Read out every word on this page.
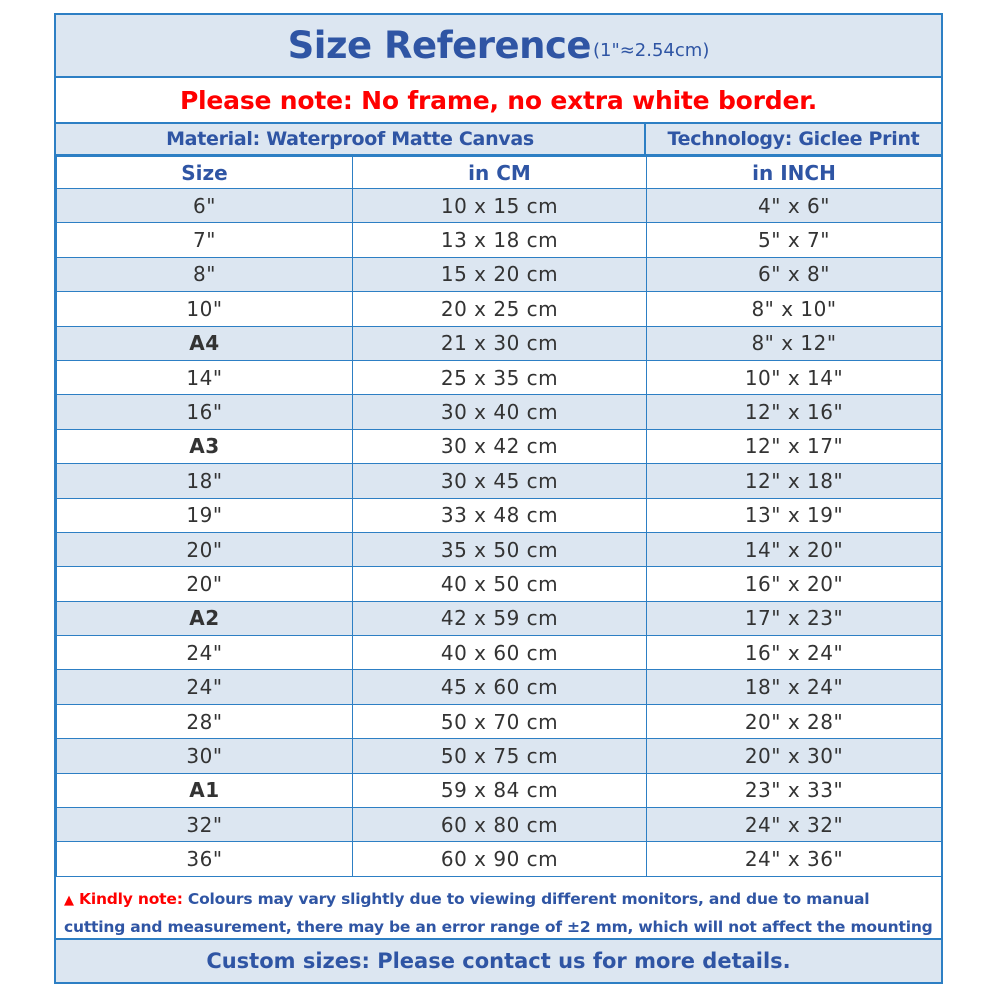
Size Reference (1"≈2.54cm)
Please note: No frame, no extra white border.
Material: Waterproof Matte Canvas	Technology: Giclee Print
Size	in CM	in INCH
6"	10 x 15 cm	4" x 6"
7"	13 x 18 cm	5" x 7"
8"	15 x 20 cm	6" x 8"
10"	20 x 25 cm	8" x 10"
A4	21 x 30 cm	8" x 12"
14"	25 x 35 cm	10" x 14"
16"	30 x 40 cm	12" x 16"
A3	30 x 42 cm	12" x 17"
18"	30 x 45 cm	12" x 18"
19"	33 x 48 cm	13" x 19"
20"	35 x 50 cm	14" x 20"
20"	40 x 50 cm	16" x 20"
A2	42 x 59 cm	17" x 23"
24"	40 x 60 cm	16" x 24"
24"	45 x 60 cm	18" x 24"
28"	50 x 70 cm	20" x 28"
30"	50 x 75 cm	20" x 30"
A1	59 x 84 cm	23" x 33"
32"	60 x 80 cm	24" x 32"
36"	60 x 90 cm	24" x 36"
▲ Kindly note: Colours may vary slightly due to viewing different monitors, and due to manual cutting and measurement, there may be an error range of ±2 mm, which will not affect the mounting
Custom sizes: Please contact us for more details.
